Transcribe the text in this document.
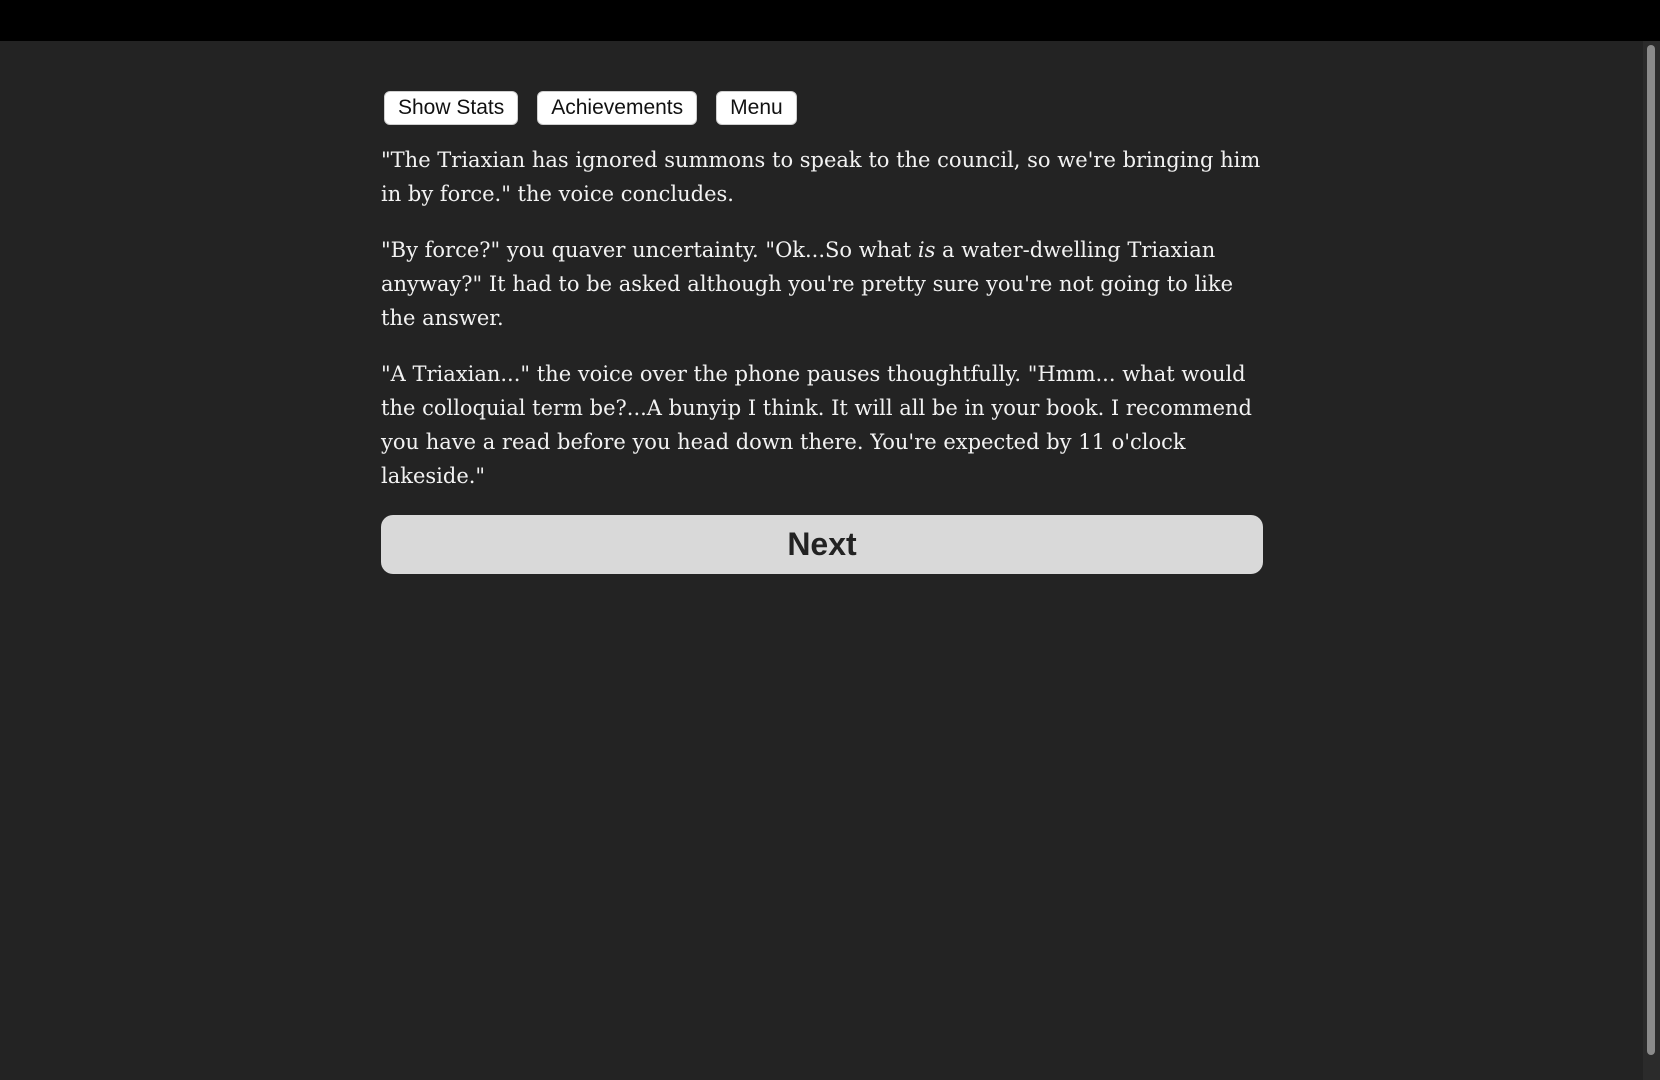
Show Stats	Achievements	Menu

"The Triaxian has ignored summons to speak to the council, so we're bringing him in by force." the voice concludes.

"By force?" you quaver uncertainty. "Ok...So what is a water-dwelling Triaxian anyway?" It had to be asked although you're pretty sure you're not going to like the answer.

"A Triaxian..." the voice over the phone pauses thoughtfully. "Hmm... what would the colloquial term be?...A bunyip I think. It will all be in your book. I recommend you have a read before you head down there. You're expected by 11 o'clock lakeside."

Next
